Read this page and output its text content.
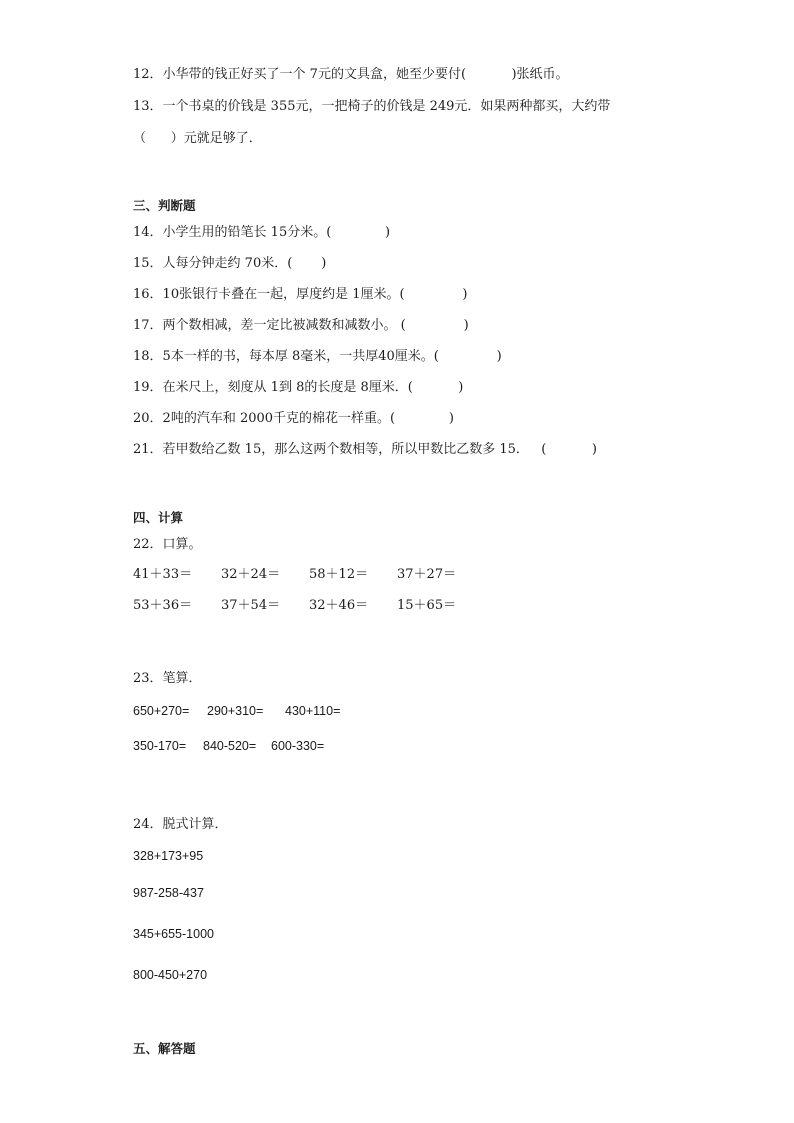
12．小华带的钱正好买了一个 7元的文具盒，她至少要付(           )张纸币。
13．一个书桌的价钱是 355元，一把椅子的价钱是 249元．如果两种都买，大约带
（      ）元就足够了．
三、判断题
14．小学生用的铅笔长 15分米。(             )
15．人每分钟走约 70米．(       )
16．10张银行卡叠在一起，厚度约是 1厘米。(              )
17．两个数相减，差一定比被减数和减数小。 (              )
18．5本一样的书，每本厚 8毫米，一共厚40厘米。(              )
19．在米尺上，刻度从 1到 8的长度是 8厘米．(           )
20．2吨的汽车和 2000千克的棉花一样重。(             )
21．若甲数给乙数 15，那么这两个数相等，所以甲数比乙数多 15．   (           )
四、计算
22．口算。
41＋33＝ 32＋24＝ 58＋12＝ 37＋27＝
53＋36＝ 37＋54＝ 32＋46＝ 15＋65＝
23．笔算．
650+270= 290+310= 430+110=
350-170= 840-520= 600-330=
24．脱式计算．
328+173+95
987-258-437
345+655-1000
800-450+270
五、解答题
